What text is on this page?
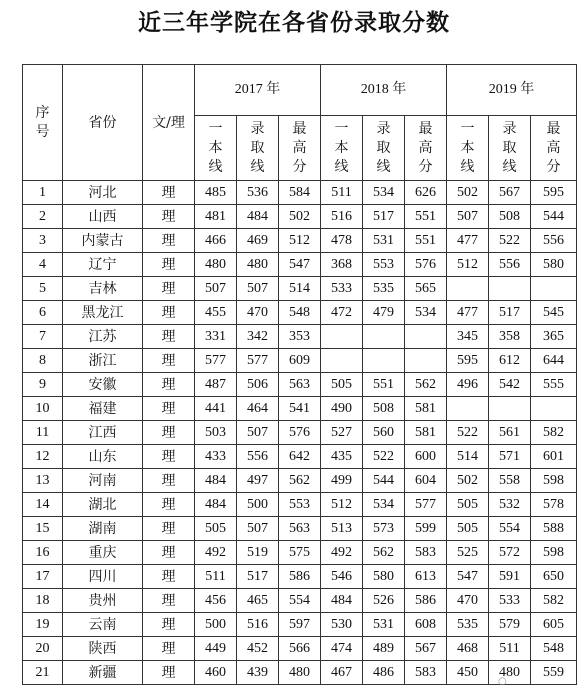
近三年学院在各省份录取分数
序号	省份	文/理	2017 年			2018 年			2019 年		
			一本线	录取线	最高分	一本线	录取线	最高分	一本线	录取线	最高分
1	河北	理	485	536	584	511	534	626	502	567	595
2	山西	理	481	484	502	516	517	551	507	508	544
3	内蒙古	理	466	469	512	478	531	551	477	522	556
4	辽宁	理	480	480	547	368	553	576	512	556	580
5	吉林	理	507	507	514	533	535	565			
6	黑龙江	理	455	470	548	472	479	534	477	517	545
7	江苏	理	331	342	353				345	358	365
8	浙江	理	577	577	609				595	612	644
9	安徽	理	487	506	563	505	551	562	496	542	555
10	福建	理	441	464	541	490	508	581			
11	江西	理	503	507	576	527	560	581	522	561	582
12	山东	理	433	556	642	435	522	600	514	571	601
13	河南	理	484	497	562	499	544	604	502	558	598
14	湖北	理	484	500	553	512	534	577	505	532	578
15	湖南	理	505	507	563	513	573	599	505	554	588
16	重庆	理	492	519	575	492	562	583	525	572	598
17	四川	理	511	517	586	546	580	613	547	591	650
18	贵州	理	456	465	554	484	526	586	470	533	582
19	云南	理	500	516	597	530	531	608	535	579	605
20	陕西	理	449	452	566	474	489	567	468	511	548
21	新疆	理	460	439	480	467	486	583	450	480	559
○
